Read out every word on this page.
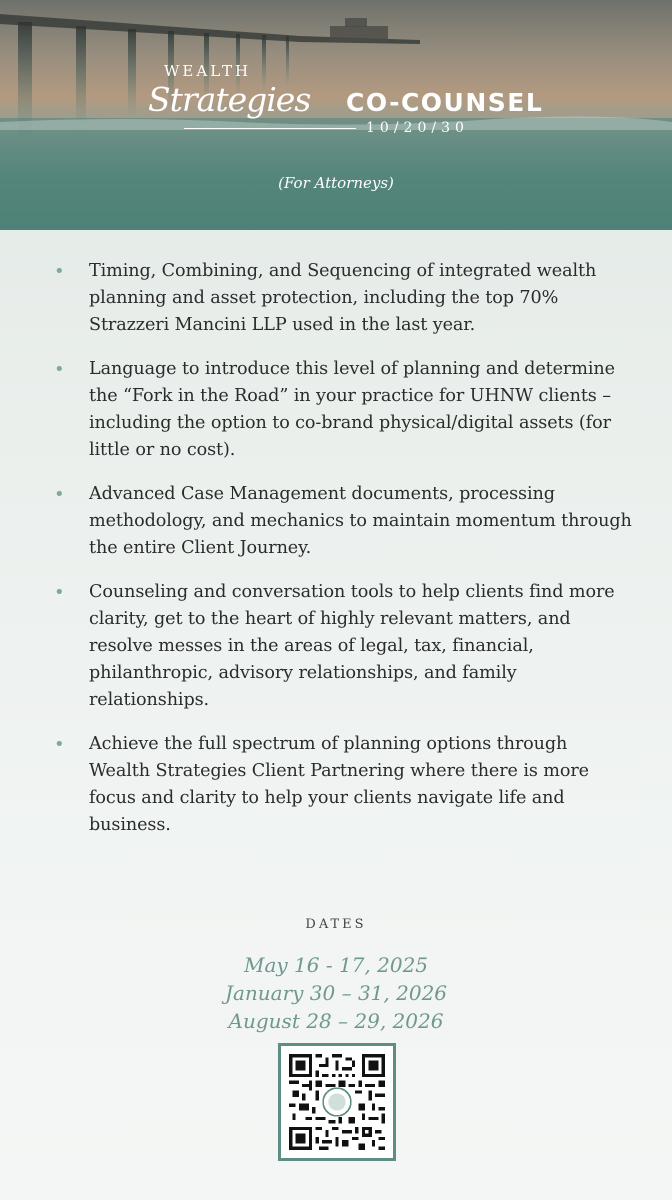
WEALTH
Strategies CO-COUNSEL
10/20/30
(For Attorneys)
• Timing, Combining, and Sequencing of integrated wealth planning and asset protection, including the top 70% Strazzeri Mancini LLP used in the last year.
• Language to introduce this level of planning and determine the “Fork in the Road” in your practice for UHNW clients – including the option to co-brand physical/digital assets (for little or no cost).
• Advanced Case Management documents, processing methodology, and mechanics to maintain momentum through the entire Client Journey.
• Counseling and conversation tools to help clients find more clarity, get to the heart of highly relevant matters, and resolve messes in the areas of legal, tax, financial, philanthropic, advisory relationships, and family relationships.
• Achieve the full spectrum of planning options through Wealth Strategies Client Partnering where there is more focus and clarity to help your clients navigate life and business.
DATES
May 16 - 17, 2025
January 30 – 31, 2026
August 28 – 29, 2026
